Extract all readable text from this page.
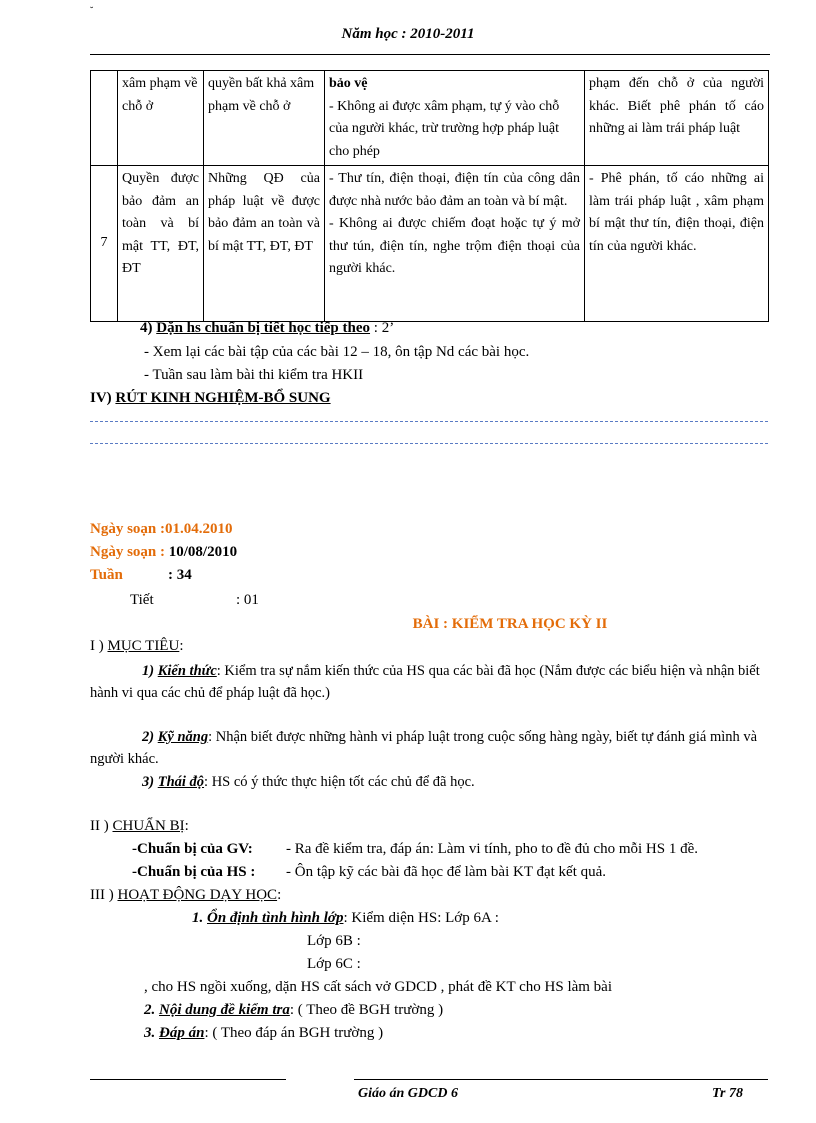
˘
Năm học : 2010-2011
	xâm phạm về chỗ ở	quyền bất khả xâm phạm về chỗ ở	bảo vệ
- Không ai được xâm phạm, tự ý vào chỗ của người khác, trừ trường hợp pháp luật cho phép	phạm đến chỗ ở của người khác. Biết phê phán tố cáo những ai làm trái pháp luật
7	Quyền được bảo đảm an toàn và bí mật TT, ĐT, ĐT	Những QĐ của pháp luật về được bảo đảm an toàn và bí mật TT, ĐT, ĐT	- Thư tín, điện thoại, điện tín của công dân được nhà nước bảo đảm an toàn và bí mật.
- Không ai được chiếm đoạt hoặc tự ý mở thư tún, điện tín, nghe trộm điện thoại của người khác.	- Phê phán, tố cáo những ai làm trái pháp luật , xâm phạm bí mật thư tín, điện thoại, điện tín của người khác.
4) Dặn hs chuẩn bị tiết học tiếp theo : 2’
- Xem lại các bài tập của các bài 12 – 18, ôn tập Nd các bài học.
- Tuần sau làm bài thi kiểm tra HKII
IV) RÚT KINH NGHIỆM-BỔ SUNG
Ngày soạn :01.04.2010
Ngày soạn : 10/08/2010
Tuần	: 34
Tiết	: 01
BÀI : KIỂM TRA HỌC KỲ II
I ) MỤC TIÊU:
1) Kiến thức: Kiểm tra sự nắm kiến thức của HS qua các bài đã học (Nắm được các biểu hiện và nhận biết hành vi qua các chủ để pháp luật đã học.)
2) Kỹ năng: Nhận biết được những hành vi pháp luật trong cuộc sống hàng ngày, biết tự đánh giá mình và người khác.
3) Thái độ: HS có ý thức thực hiện tốt các chủ để đã học.
II ) CHUẨN BỊ:
-Chuẩn bị của GV: - Ra đề kiểm tra, đáp án: Làm vi tính, pho to đề đủ cho mỗi HS 1 đề.
-Chuẩn bị của HS : - Ôn tập kỹ các bài đã học để làm bài KT đạt kết quả.
III ) HOẠT ĐỘNG DẠY HỌC:
1. Ổn định tình hình lớp: Kiểm diện HS: Lớp 6A :
Lớp 6B :
Lớp 6C :
, cho HS ngồi xuống, dặn HS cất sách vở GDCD , phát đề KT cho HS làm bài
2. Nội dung đề kiểm tra: ( Theo đề BGH trường )
3. Đáp án: ( Theo đáp án BGH trường )
Giáo án GDCD 6	Tr 78
